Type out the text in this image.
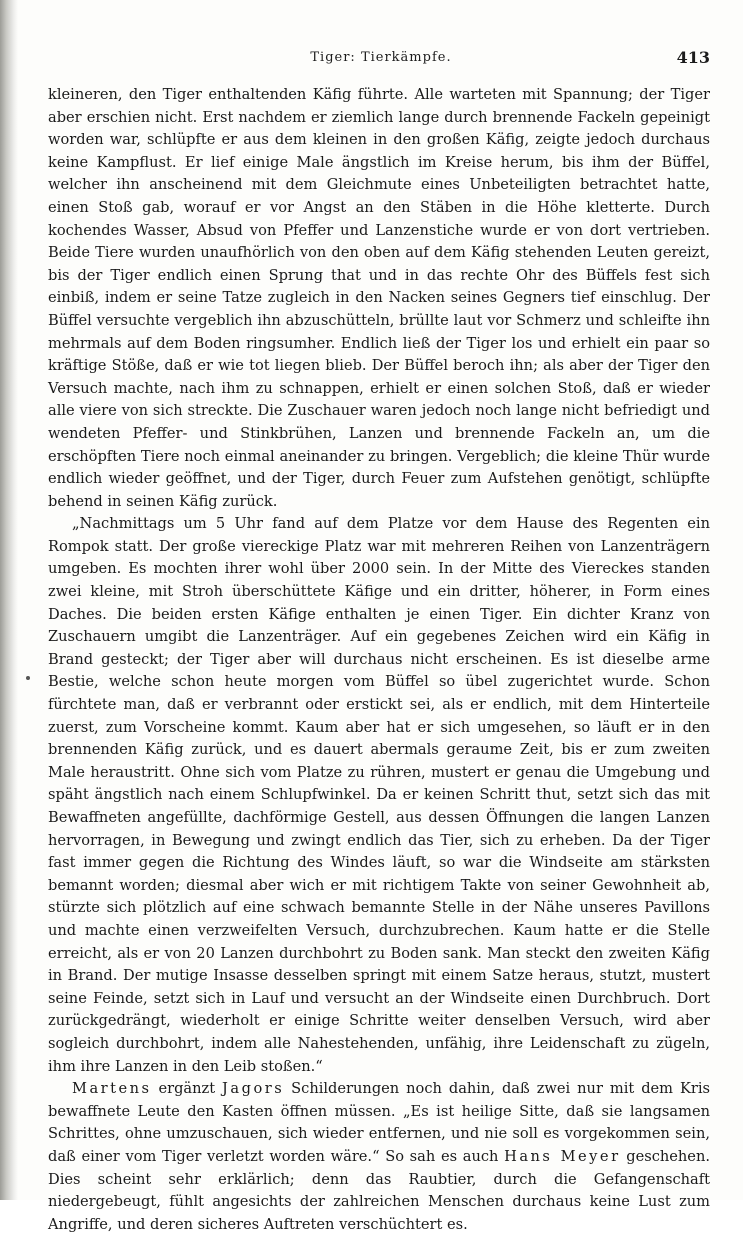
Tiger: Tierkämpfe.	413

kleineren, den Tiger enthaltenden Käfig führte. Alle warteten mit Spannung; der Tiger aber erschien nicht. Erst nachdem er ziemlich lange durch brennende Fackeln gepeinigt worden war, schlüpfte er aus dem kleinen in den großen Käfig, zeigte jedoch durchaus keine Kampflust. Er lief einige Male ängstlich im Kreise herum, bis ihm der Büffel, welcher ihn anscheinend mit dem Gleichmute eines Unbeteiligten betrachtet hatte, einen Stoß gab, worauf er vor Angst an den Stäben in die Höhe kletterte. Durch kochendes Wasser, Absud von Pfeffer und Lanzenstiche wurde er von dort vertrieben. Beide Tiere wurden unaufhörlich von den oben auf dem Käfig stehenden Leuten gereizt, bis der Tiger endlich einen Sprung that und in das rechte Ohr des Büffels fest sich einbiß, indem er seine Tatze zugleich in den Nacken seines Gegners tief einschlug. Der Büffel versuchte vergeblich ihn abzuschütteln, brüllte laut vor Schmerz und schleifte ihn mehrmals auf dem Boden ringsumher. Endlich ließ der Tiger los und erhielt ein paar so kräftige Stöße, daß er wie tot liegen blieb. Der Büffel beroch ihn; als aber der Tiger den Versuch machte, nach ihm zu schnappen, erhielt er einen solchen Stoß, daß er wieder alle viere von sich streckte. Die Zuschauer waren jedoch noch lange nicht befriedigt und wendeten Pfeffer- und Stinkbrühen, Lanzen und brennende Fackeln an, um die erschöpften Tiere noch einmal aneinander zu bringen. Vergeblich; die kleine Thür wurde endlich wieder geöffnet, und der Tiger, durch Feuer zum Aufstehen genötigt, schlüpfte behend in seinen Käfig zurück.

„Nachmittags um 5 Uhr fand auf dem Platze vor dem Hause des Regenten ein Rompok statt. Der große viereckige Platz war mit mehreren Reihen von Lanzenträgern umgeben. Es mochten ihrer wohl über 2000 sein. In der Mitte des Viereckes standen zwei kleine, mit Stroh überschüttete Käfige und ein dritter, höherer, in Form eines Daches. Die beiden ersten Käfige enthalten je einen Tiger. Ein dichter Kranz von Zuschauern umgibt die Lanzenträger. Auf ein gegebenes Zeichen wird ein Käfig in Brand gesteckt; der Tiger aber will durchaus nicht erscheinen. Es ist dieselbe arme Bestie, welche schon heute morgen vom Büffel so übel zugerichtet wurde. Schon fürchtete man, daß er verbrannt oder erstickt sei, als er endlich, mit dem Hinterteile zuerst, zum Vorscheine kommt. Kaum aber hat er sich umgesehen, so läuft er in den brennenden Käfig zurück, und es dauert abermals geraume Zeit, bis er zum zweiten Male heraustritt. Ohne sich vom Platze zu rühren, mustert er genau die Umgebung und späht ängstlich nach einem Schlupfwinkel. Da er keinen Schritt thut, setzt sich das mit Bewaffneten angefüllte, dachförmige Gestell, aus dessen Öffnungen die langen Lanzen hervorragen, in Bewegung und zwingt endlich das Tier, sich zu erheben. Da der Tiger fast immer gegen die Richtung des Windes läuft, so war die Windseite am stärksten bemannt worden; diesmal aber wich er mit richtigem Takte von seiner Gewohnheit ab, stürzte sich plötzlich auf eine schwach bemannte Stelle in der Nähe unseres Pavillons und machte einen verzweifelten Versuch, durchzubrechen. Kaum hatte er die Stelle erreicht, als er von 20 Lanzen durchbohrt zu Boden sank. Man steckt den zweiten Käfig in Brand. Der mutige Insasse desselben springt mit einem Satze heraus, stutzt, mustert seine Feinde, setzt sich in Lauf und versucht an der Windseite einen Durchbruch. Dort zurückgedrängt, wiederholt er einige Schritte weiter denselben Versuch, wird aber sogleich durchbohrt, indem alle Nahestehenden, unfähig, ihre Leidenschaft zu zügeln, ihm ihre Lanzen in den Leib stoßen.“

Martens ergänzt Jagors Schilderungen noch dahin, daß zwei nur mit dem Kris bewaffnete Leute den Kasten öffnen müssen. „Es ist heilige Sitte, daß sie langsamen Schrittes, ohne umzuschauen, sich wieder entfernen, und nie soll es vorgekommen sein, daß einer vom Tiger verletzt worden wäre.“ So sah es auch Hans Meyer geschehen. Dies scheint sehr erklärlich; denn das Raubtier, durch die Gefangenschaft niedergebeugt, fühlt angesichts der zahlreichen Menschen durchaus keine Lust zum Angriffe, und deren sicheres Auftreten verschüchtert es.
